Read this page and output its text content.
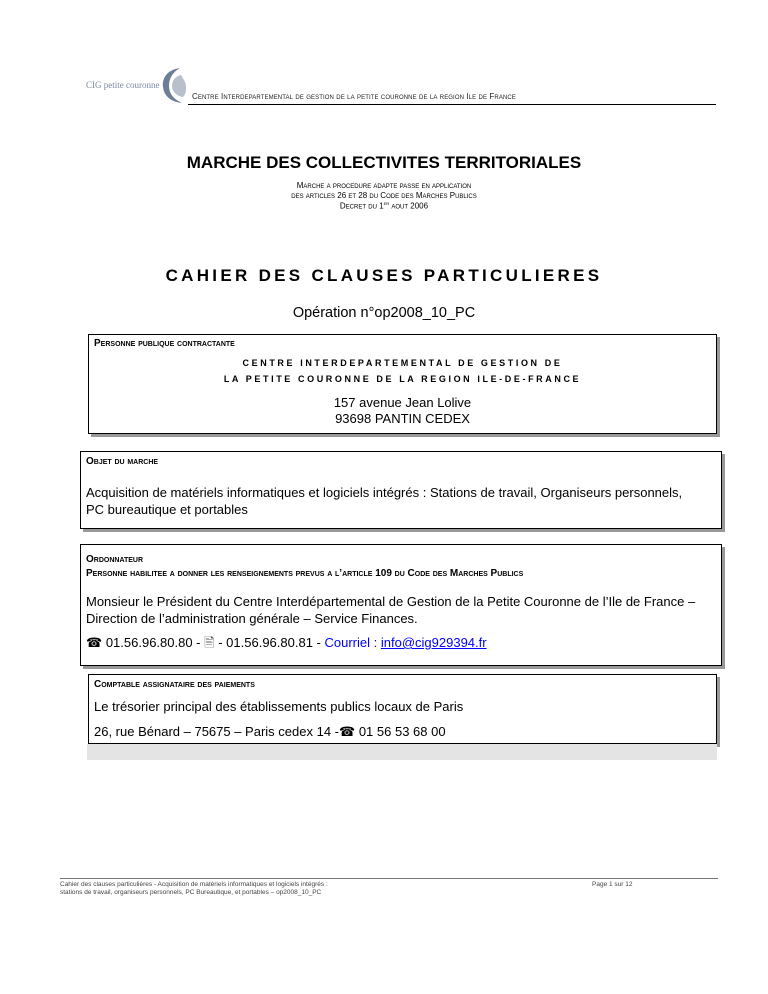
CIG petite couronne
Centre Interdepartemental de gestion de la petite couronne de la region Ile de France
MARCHE DES COLLECTIVITES TERRITORIALES
Marche a procedure adapte passe en application
des articles 26 et 28 du Code des Marches Publics
Decret du 1er aout 2006
CAHIER DES CLAUSES PARTICULIERES
Opération n°op2008_10_PC
Personne publique contractante
CENTRE INTERDEPARTEMENTAL DE GESTION DE
LA PETITE COURONNE DE LA REGION ILE-DE-FRANCE
157 avenue Jean Lolive
93698 PANTIN CEDEX
Objet du marche
Acquisition de matériels informatiques et logiciels intégrés : Stations de travail, Organiseurs personnels, PC bureautique et portables
Ordonnateur
Personne habilitee a donner les renseignements prevus a l’article 109 du Code des Marches Publics
Monsieur le Président du Centre Interdépartemental de Gestion de la Petite Couronne de l’Ile de France – Direction de l’administration générale – Service Finances.
☎ 01.56.96.80.80 - 🖹 - 01.56.96.80.81 - Courriel : info@cig929394.fr
Comptable assignataire des paiements
Le trésorier principal des établissements publics locaux de Paris
26, rue Bénard – 75675 – Paris cedex 14 -☎ 01 56 53 68 00
Cahier des clauses particulières - Acquisition de matériels informatiques et logiciels intégrés :
stations de travail, organiseurs personnels, PC Bureautique, et portables – op2008_10_PC
Page 1 sur 12
